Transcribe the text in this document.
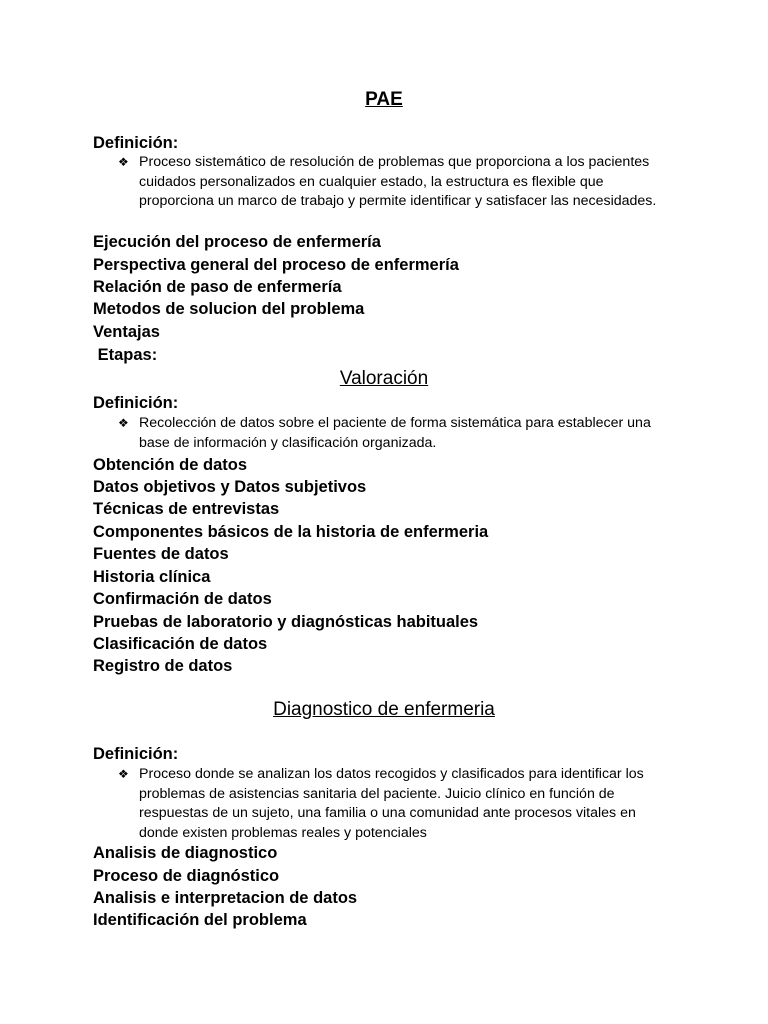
PAE
Definición:
❖ Proceso sistemático de resolución de problemas que proporciona a los pacientes cuidados personalizados en cualquier estado, la estructura es flexible que proporciona un marco de trabajo y permite identificar y satisfacer las necesidades.
Ejecución del proceso de enfermería
Perspectiva general del proceso de enfermería
Relación de paso de enfermería
Metodos de solucion del problema
Ventajas
Etapas:
Valoración
Definición:
❖ Recolección de datos sobre el paciente de forma sistemática para establecer una base de información y clasificación organizada.
Obtención de datos
Datos objetivos y Datos subjetivos
Técnicas de entrevistas
Componentes básicos de la historia de enfermeria
Fuentes de datos
Historia clínica
Confirmación de datos
Pruebas de laboratorio y diagnósticas habituales
Clasificación de datos
Registro de datos
Diagnostico de enfermeria
Definición:
❖ Proceso donde se analizan los datos recogidos y clasificados para identificar los problemas de asistencias sanitaria del paciente. Juicio clínico en función de respuestas de un sujeto, una familia o una comunidad ante procesos vitales en donde existen problemas reales y potenciales
Analisis de diagnostico
Proceso de diagnóstico
Analisis e interpretacion de datos
Identificación del problema
